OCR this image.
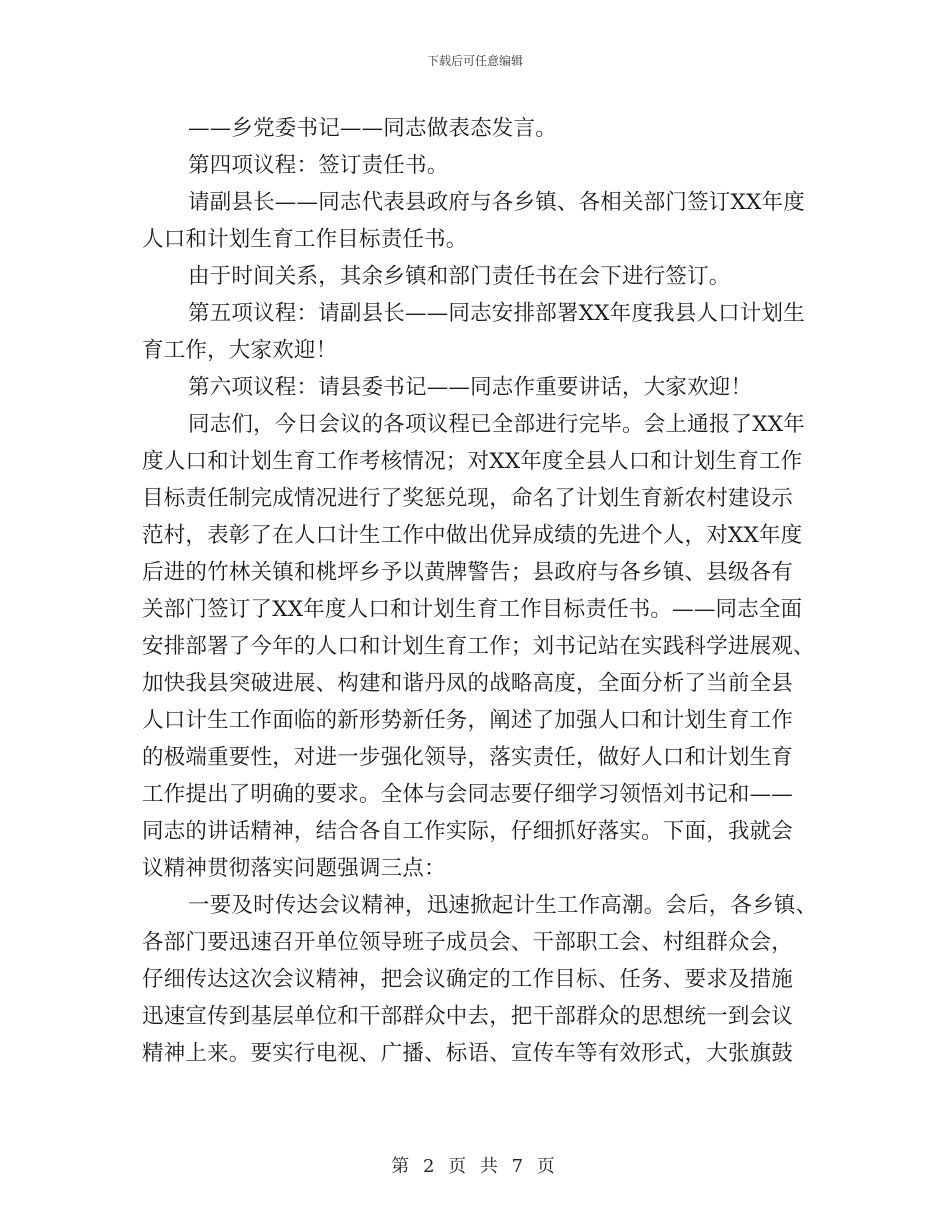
下载后可任意编辑
——乡党委书记——同志做表态发言。
第四项议程：签订责任书。
请副县长——同志代表县政府与各乡镇、各相关部门签订XX年度
人口和计划生育工作目标责任书。
由于时间关系，其余乡镇和部门责任书在会下进行签订。
第五项议程：请副县长——同志安排部署XX年度我县人口计划生
育工作，大家欢迎！
第六项议程：请县委书记——同志作重要讲话，大家欢迎！
同志们，今日会议的各项议程已全部进行完毕。会上通报了XX年
度人口和计划生育工作考核情况；对XX年度全县人口和计划生育工作
目标责任制完成情况进行了奖惩兑现，命名了计划生育新农村建设示
范村，表彰了在人口计生工作中做出优异成绩的先进个人，对XX年度
后进的竹林关镇和桃坪乡予以黄牌警告；县政府与各乡镇、县级各有
关部门签订了XX年度人口和计划生育工作目标责任书。——同志全面
安排部署了今年的人口和计划生育工作；刘书记站在实践科学进展观、
加快我县突破进展、构建和谐丹凤的战略高度，全面分析了当前全县
人口计生工作面临的新形势新任务，阐述了加强人口和计划生育工作
的极端重要性，对进一步强化领导，落实责任，做好人口和计划生育
工作提出了明确的要求。全体与会同志要仔细学习领悟刘书记和——
同志的讲话精神，结合各自工作实际，仔细抓好落实。下面，我就会
议精神贯彻落实问题强调三点：
一要及时传达会议精神，迅速掀起计生工作高潮。会后，各乡镇、
各部门要迅速召开单位领导班子成员会、干部职工会、村组群众会，
仔细传达这次会议精神，把会议确定的工作目标、任务、要求及措施
迅速宣传到基层单位和干部群众中去，把干部群众的思想统一到会议
精神上来。要实行电视、广播、标语、宣传车等有效形式，大张旗鼓
第 2 页 共 7 页
